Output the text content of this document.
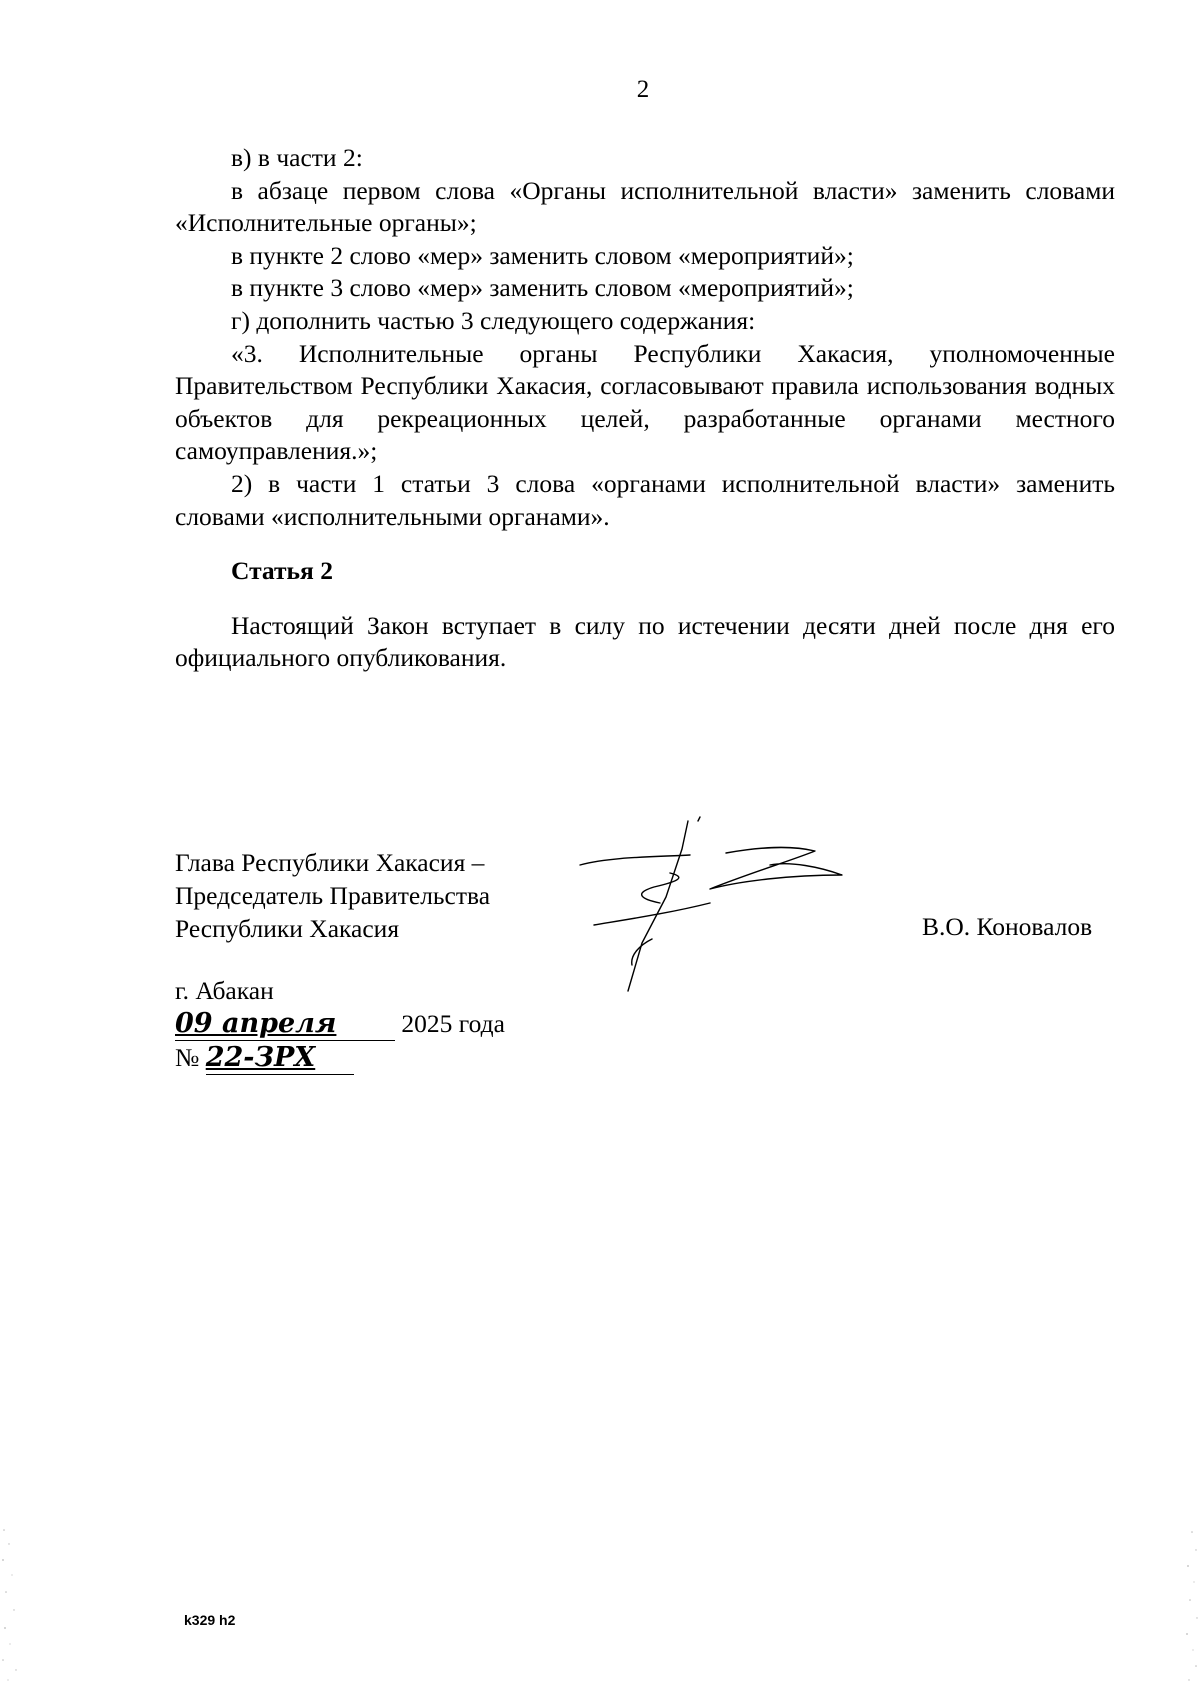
2

в) в части 2:

в абзаце первом слова «Органы исполнительной власти» заменить словами «Исполнительные органы»;

в пункте 2 слово «мер» заменить словом «мероприятий»;

в пункте 3 слово «мер» заменить словом «мероприятий»;

г) дополнить частью 3 следующего содержания:

«3. Исполнительные органы Республики Хакасия, уполномоченные Правительством Республики Хакасия, согласовывают правила использования водных объектов для рекреационных целей, разработанные органами местного самоуправления.»;

2) в части 1 статьи 3 слова «органами исполнительной власти» заменить словами «исполнительными органами».

Статья 2

Настоящий Закон вступает в силу по истечении десяти дней после дня его официального опубликования.

Глава Республики Хакасия –
Председатель Правительства
Республики Хакасия	В.О. Коновалов
г. Абакан
09 апреля	2025 года
№ 22-ЗРХ
k329 h2
